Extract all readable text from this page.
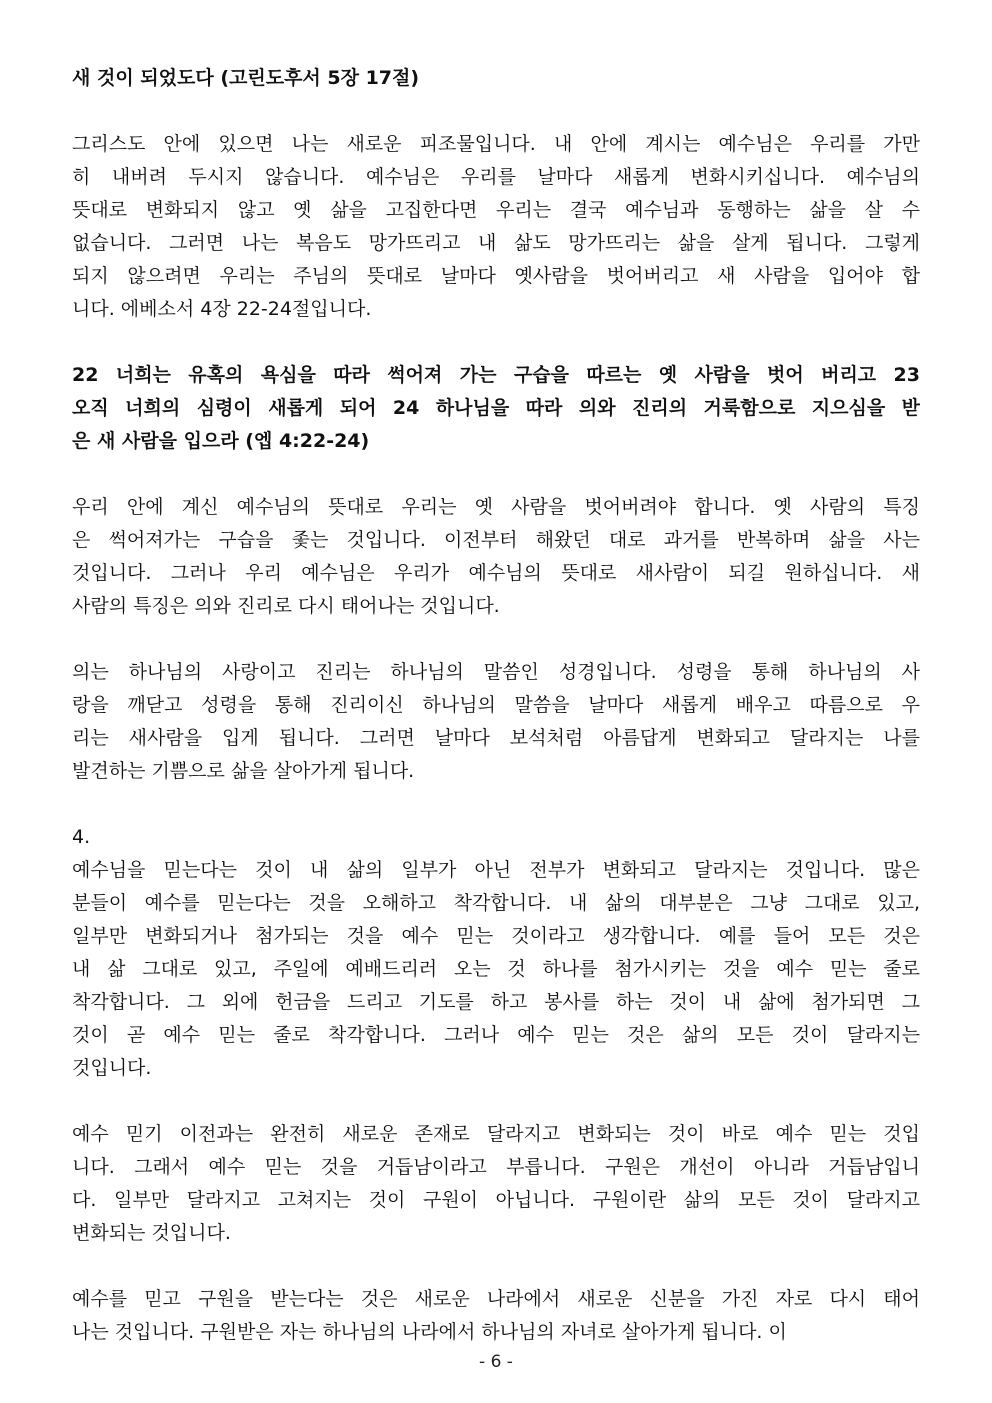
새 것이 되었도다 (고린도후서 5장 17절)
그리스도 안에 있으면 나는 새로운 피조물입니다. 내 안에 계시는 예수님은 우리를 가만
히 내버려 두시지 않습니다. 예수님은 우리를 날마다 새롭게 변화시키십니다. 예수님의
뜻대로 변화되지 않고 옛 삶을 고집한다면 우리는 결국 예수님과 동행하는 삶을 살 수
없습니다. 그러면 나는 복음도 망가뜨리고 내 삶도 망가뜨리는 삶을 살게 됩니다. 그렇게
되지 않으려면 우리는 주님의 뜻대로 날마다 옛사람을 벗어버리고 새 사람을 입어야 합
니다. 에베소서 4장 22-24절입니다.
22 너희는 유혹의 욕심을 따라 썩어져 가는 구습을 따르는 옛 사람을 벗어 버리고 23
오직 너희의 심령이 새롭게 되어 24 하나님을 따라 의와 진리의 거룩함으로 지으심을 받
은 새 사람을 입으라 (엡 4:22-24)
우리 안에 계신 예수님의 뜻대로 우리는 옛 사람을 벗어버려야 합니다. 옛 사람의 특징
은 썩어져가는 구습을 좇는 것입니다. 이전부터 해왔던 대로 과거를 반복하며 삶을 사는
것입니다. 그러나 우리 예수님은 우리가 예수님의 뜻대로 새사람이 되길 원하십니다. 새
사람의 특징은 의와 진리로 다시 태어나는 것입니다.
의는 하나님의 사랑이고 진리는 하나님의 말씀인 성경입니다. 성령을 통해 하나님의 사
랑을 깨닫고 성령을 통해 진리이신 하나님의 말씀을 날마다 새롭게 배우고 따름으로 우
리는 새사람을 입게 됩니다. 그러면 날마다 보석처럼 아름답게 변화되고 달라지는 나를
발견하는 기쁨으로 삶을 살아가게 됩니다.
4.
예수님을 믿는다는 것이 내 삶의 일부가 아닌 전부가 변화되고 달라지는 것입니다. 많은
분들이 예수를 믿는다는 것을 오해하고 착각합니다. 내 삶의 대부분은 그냥 그대로 있고,
일부만 변화되거나 첨가되는 것을 예수 믿는 것이라고 생각합니다. 예를 들어 모든 것은
내 삶 그대로 있고, 주일에 예배드리러 오는 것 하나를 첨가시키는 것을 예수 믿는 줄로
착각합니다. 그 외에 헌금을 드리고 기도를 하고 봉사를 하는 것이 내 삶에 첨가되면 그
것이 곧 예수 믿는 줄로 착각합니다. 그러나 예수 믿는 것은 삶의 모든 것이 달라지는
것입니다.
예수 믿기 이전과는 완전히 새로운 존재로 달라지고 변화되는 것이 바로 예수 믿는 것입
니다. 그래서 예수 믿는 것을 거듭남이라고 부릅니다. 구원은 개선이 아니라 거듭남입니
다. 일부만 달라지고 고쳐지는 것이 구원이 아닙니다. 구원이란 삶의 모든 것이 달라지고
변화되는 것입니다.
예수를 믿고 구원을 받는다는 것은 새로운 나라에서 새로운 신분을 가진 자로 다시 태어
나는 것입니다. 구원받은 자는 하나님의 나라에서 하나님의 자녀로 살아가게 됩니다. 이
- 6 -
